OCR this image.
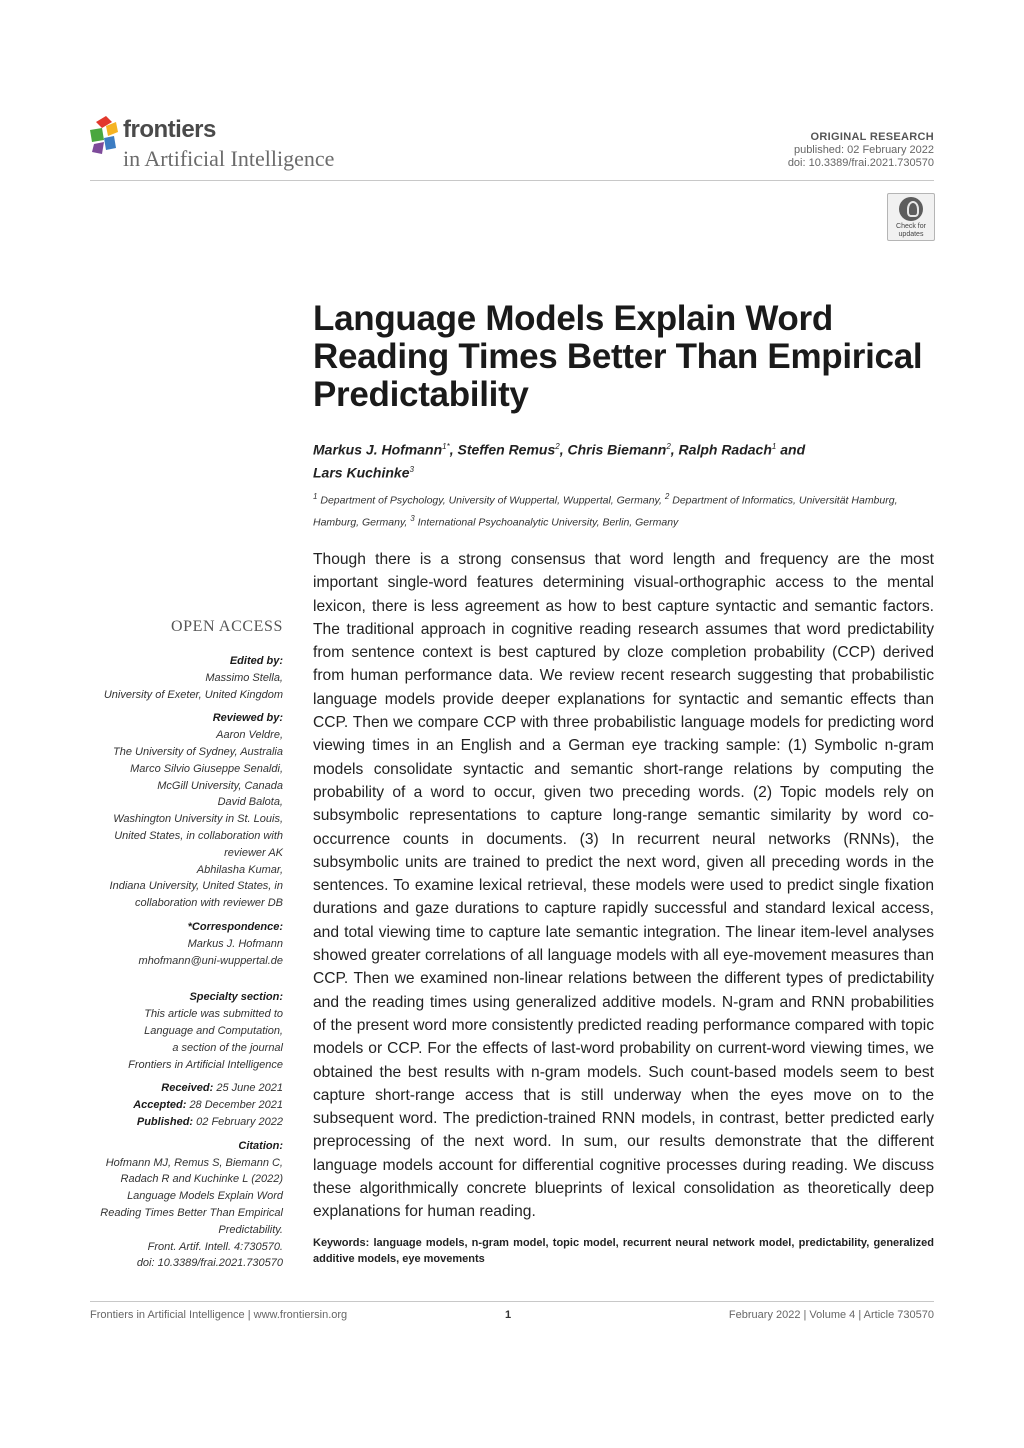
frontiers
in Artificial Intelligence
ORIGINAL RESEARCH
published: 02 February 2022
doi: 10.3389/frai.2021.730570
Check for updates
Language Models Explain Word Reading Times Better Than Empirical Predictability
Markus J. Hofmann$^{1*}$, Steffen Remus$^2$, Chris Biemann$^2$, Ralph Radach$^1$ and
Lars Kuchinke$^3$
$^1$ Department of Psychology, University of Wuppertal, Wuppertal, Germany, $^2$ Department of Informatics, Universität Hamburg, Hamburg, Germany, $^3$ International Psychoanalytic University, Berlin, Germany
OPEN ACCESS
Edited by:
Massimo Stella,
University of Exeter, United Kingdom
Reviewed by:
Aaron Veldre,
The University of Sydney, Australia
Marco Silvio Giuseppe Senaldi,
McGill University, Canada
David Balota,
Washington University in St. Louis,
United States, in collaboration with
reviewer AK
Abhilasha Kumar,
Indiana University, United States, in
collaboration with reviewer DB
*Correspondence:
Markus J. Hofmann
mhofmann@uni-wuppertal.de
Specialty section:
This article was submitted to
Language and Computation,
a section of the journal
Frontiers in Artificial Intelligence
Received: 25 June 2021
Accepted: 28 December 2021
Published: 02 February 2022
Citation:
Hofmann MJ, Remus S, Biemann C,
Radach R and Kuchinke L (2022)
Language Models Explain Word
Reading Times Better Than Empirical
Predictability.
Front. Artif. Intell. 4:730570.
doi: 10.3389/frai.2021.730570

Though there is a strong consensus that word length and frequency are the most important single-word features determining visual-orthographic access to the mental lexicon, there is less agreement as how to best capture syntactic and semantic factors. The traditional approach in cognitive reading research assumes that word predictability from sentence context is best captured by cloze completion probability (CCP) derived from human performance data. We review recent research suggesting that probabilistic language models provide deeper explanations for syntactic and semantic effects than CCP. Then we compare CCP with three probabilistic language models for predicting word viewing times in an English and a German eye tracking sample: (1) Symbolic n-gram models consolidate syntactic and semantic short-range relations by computing the probability of a word to occur, given two preceding words. (2) Topic models rely on subsymbolic representations to capture long-range semantic similarity by word co-occurrence counts in documents. (3) In recurrent neural networks (RNNs), the subsymbolic units are trained to predict the next word, given all preceding words in the sentences. To examine lexical retrieval, these models were used to predict single fixation durations and gaze durations to capture rapidly successful and standard lexical access, and total viewing time to capture late semantic integration. The linear item-level analyses showed greater correlations of all language models with all eye-movement measures than CCP. Then we examined non-linear relations between the different types of predictability and the reading times using generalized additive models. N-gram and RNN probabilities of the present word more consistently predicted reading performance compared with topic models or CCP. For the effects of last-word probability on current-word viewing times, we obtained the best results with n-gram models. Such count-based models seem to best capture short-range access that is still underway when the eyes move on to the subsequent word. The prediction-trained RNN models, in contrast, better predicted early preprocessing of the next word. In sum, our results demonstrate that the different language models account for differential cognitive processes during reading. We discuss these algorithmically concrete blueprints of lexical consolidation as theoretically deep explanations for human reading.

Keywords: language models, n-gram model, topic model, recurrent neural network model, predictability, generalized additive models, eye movements
Frontiers in Artificial Intelligence | www.frontiersin.org	1	February 2022 | Volume 4 | Article 730570
